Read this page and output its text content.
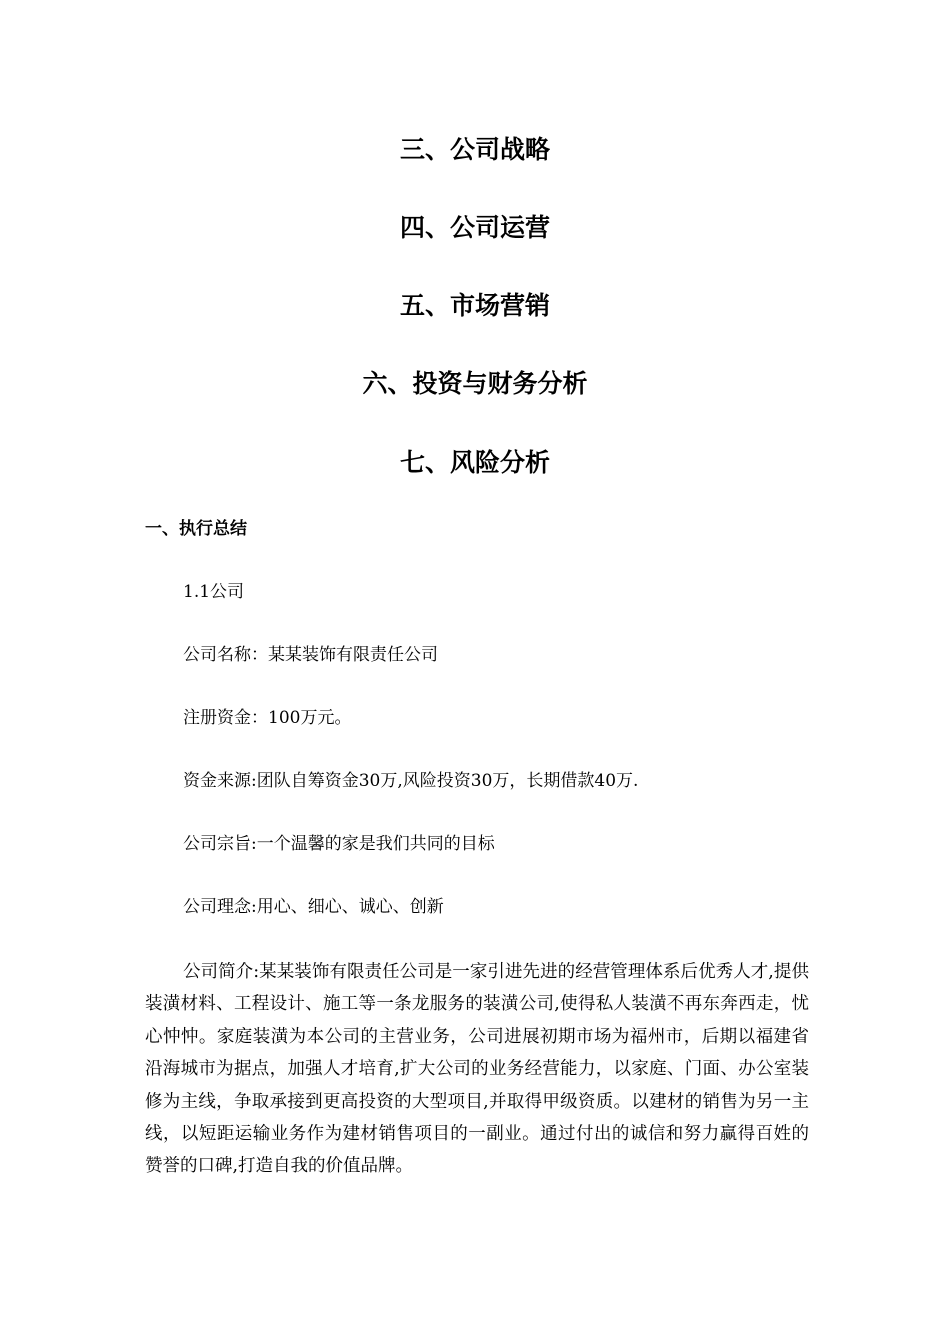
三、公司战略
四、公司运营
五、市场营销
六、投资与财务分析
七、风险分析
一、执行总结

1.1公司

公司名称：某某装饰有限责任公司

注册资金：100万元。

资金来源:团队自筹资金30万,风险投资30万，长期借款40万.

公司宗旨:一个温馨的家是我们共同的目标

公司理念:用心、细心、诚心、创新

公司简介:某某装饰有限责任公司是一家引进先进的经营管理体系后优秀人才,提供装潢材料、工程设计、施工等一条龙服务的装潢公司,使得私人装潢不再东奔西走，忧心忡忡。家庭装潢为本公司的主营业务，公司进展初期市场为福州市，后期以福建省沿海城市为据点，加强人才培育,扩大公司的业务经营能力，以家庭、门面、办公室装修为主线，争取承接到更高投资的大型项目,并取得甲级资质。以建材的销售为另一主线，以短距运输业务作为建材销售项目的一副业。通过付出的诚信和努力赢得百姓的赞誉的口碑,打造自我的价值品牌。
